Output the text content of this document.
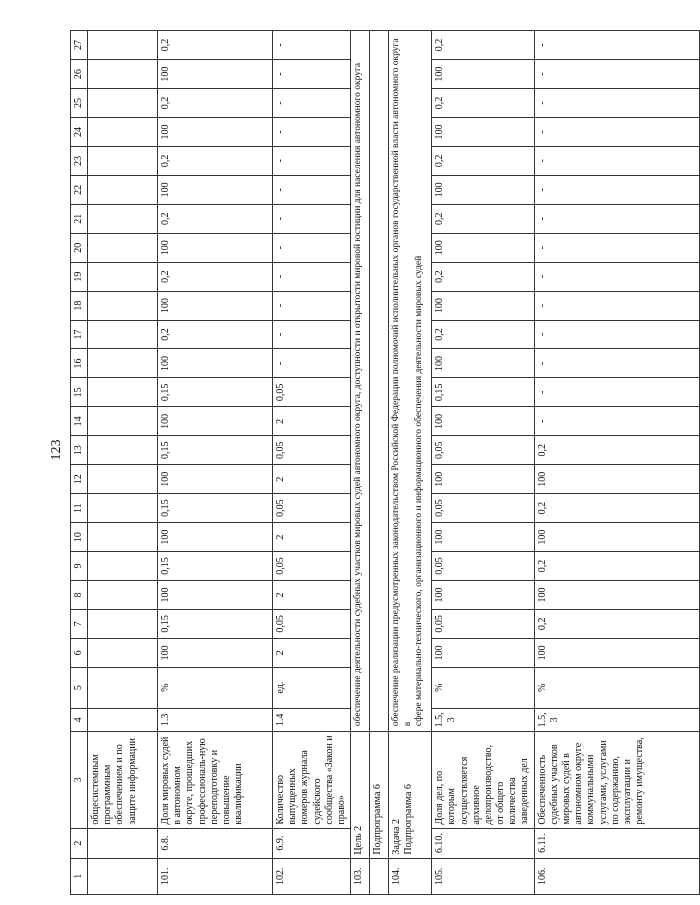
123
1	2	3	4	5	6	7	8	9	10	11	12	13	14	15	16	17	18	19	20	21	22	23	24	25	26	27
		общесистемным программным обеспечением и по защите информации																								
101.	6.8.	Доля мировых судей в автономном округе, прошедших профессиональ-ную переподготовку и повышение квалификации	1.3	%	100	0,15	100	0,15	100	0,15	100	0,15	100	0,15	100	0,2	100	0,2	100	0,2	100	0,2	100	0,2	100	0,2
102.	6.9.	Количество выпущенных номеров журнала судейского сообщества «Закон и право»	1.4	ед.	2	0,05	2	0,05	2	0,05	2	0,05	2	0,05	-	-	-	-	-	-	-	-	-	-	-	-
103.	Цель 2		обеспечение деятельности судебных участков мировых судей автономного округа, доступности и открытости мировой юстиции для населения автономного округа																							
	Подпрограмма 6																									
104.	Задача 2
Подпрограмма 6		обеспечение реализации предусмотренных законодательством Российской Федерации полномочий исполнительных органов государственной власти автономного округа в сфере материально-технического, организационного и информационного обеспечения деятельности мировых судей																							

105.	6.10.	Доля дел, по которым осуществляется архивное делопроизводство, от общего количества заведенных дел	1.5, 3	%	100	0,05	100	0,05	100	0,05	100	0,05	100	0,15	100	0,2	100	0,2	100	0,2	100	0,2	100	0,2	100	0,2
106.	6.11.	Обеспеченность судебных участков мировых судей в автономном округе коммунальными услугами, услугами по содержанию, эксплуатации и ремонту имущества,	1.5, 3	%	100	0,2	100	0,2	100	0,2	100	0,2	-	-	-	-	-	-	-	-	-	-	-	-	-	-
